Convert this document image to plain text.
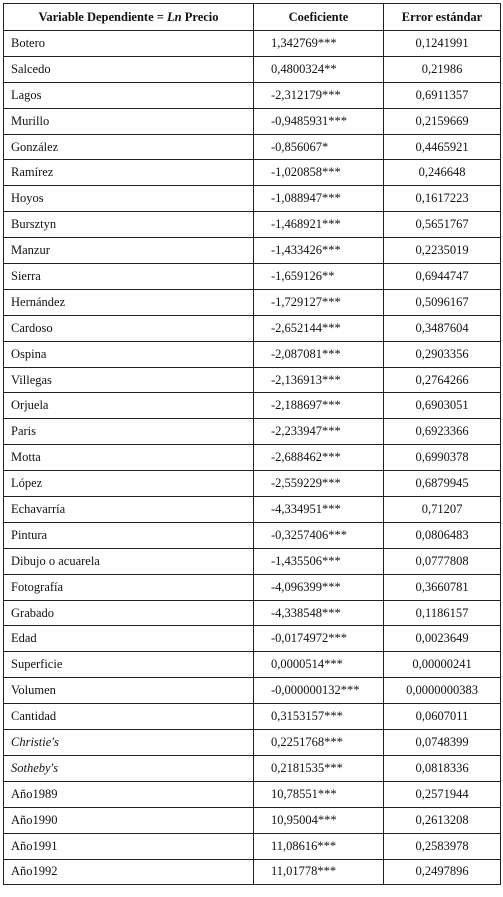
Variable Dependiente = Ln Precio	Coeficiente	Error estándar
Botero	1,342769***	0,1241991
Salcedo	0,4800324**	0,21986
Lagos	-2,312179***	0,6911357
Murillo	-0,9485931***	0,2159669
González	-0,856067*	0,4465921
Ramírez	-1,020858***	0,246648
Hoyos	-1,088947***	0,1617223
Bursztyn	-1,468921***	0,5651767
Manzur	-1,433426***	0,2235019
Sierra	-1,659126**	0,6944747
Hernández	-1,729127***	0,5096167
Cardoso	-2,652144***	0,3487604
Ospina	-2,087081***	0,2903356
Villegas	-2,136913***	0,2764266
Orjuela	-2,188697***	0,6903051
Paris	-2,233947***	0,6923366
Motta	-2,688462***	0,6990378
López	-2,559229***	0,6879945
Echavarría	-4,334951***	0,71207
Pintura	-0,3257406***	0,0806483
Dibujo o acuarela	-1,435506***	0,0777808
Fotografía	-4,096399***	0,3660781
Grabado	-4,338548***	0,1186157
Edad	-0,0174972***	0,0023649
Superficie	0,0000514***	0,00000241
Volumen	-0,000000132***	0,0000000383
Cantidad	0,3153157***	0,0607011
Christie's	0,2251768***	0,0748399
Sotheby's	0,2181535***	0,0818336
Año1989	10,78551***	0,2571944
Año1990	10,95004***	0,2613208
Año1991	11,08616***	0,2583978
Año1992	11,01778***	0,2497896
